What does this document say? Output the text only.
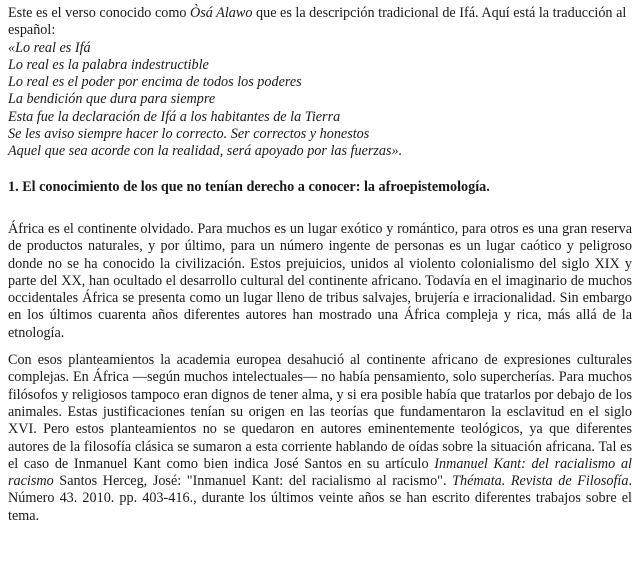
Este es el verso conocido como Òsá Alawo que es la descripción tradicional de Ifá. Aquí está la traducción al español:

«Lo real es Ifá
Lo real es la palabra indestructible
Lo real es el poder por encima de todos los poderes
La bendición que dura para siempre
Esta fue la declaración de Ifá a los habitantes de la Tierra
Se les aviso siempre hacer lo correcto. Ser correctos y honestos
Aquel que sea acorde con la realidad, será apoyado por las fuerzas».
1. El conocimiento de los que no tenían derecho a conocer: la afroepistemología.

África es el continente olvidado. Para muchos es un lugar exótico y romántico, para otros es una gran reserva de productos naturales, y por último, para un número ingente de personas es un lugar caótico y peligroso donde no se ha conocido la civilización. Estos prejuicios, unidos al violento colonialismo del siglo XIX y parte del XX, han ocultado el desarrollo cultural del continente africano. Todavía en el imaginario de muchos occidentales África se presenta como un lugar lleno de tribus salvajes, brujería e irracionalidad. Sin embargo en los últimos cuarenta años diferentes autores han mostrado una África compleja y rica, más allá de la etnología.

Con esos planteamientos la academia europea desahució al continente africano de expresiones culturales complejas. En África —según muchos intelectuales— no había pensamiento, solo supercherías. Para muchos filósofos y religiosos tampoco eran dignos de tener alma, y si era posible había que tratarlos por debajo de los animales. Estas justificaciones tenían su origen en las teorías que fundamentaron la esclavitud en el siglo XVI. Pero estos planteamientos no se quedaron en autores eminentemente teológicos, ya que diferentes autores de la filosofía clásica se sumaron a esta corriente hablando de oídas sobre la situación africana. Tal es el caso de Inmanuel Kant como bien indica José Santos en su artículo Inmanuel Kant: del racialismo al racismo Santos Herceg, José: "Inmanuel Kant: del racialismo al racismo". Thémata. Revista de Filosofía. Número 43. 2010. pp. 403-416., durante los últimos veinte años se han escrito diferentes trabajos sobre el tema.
